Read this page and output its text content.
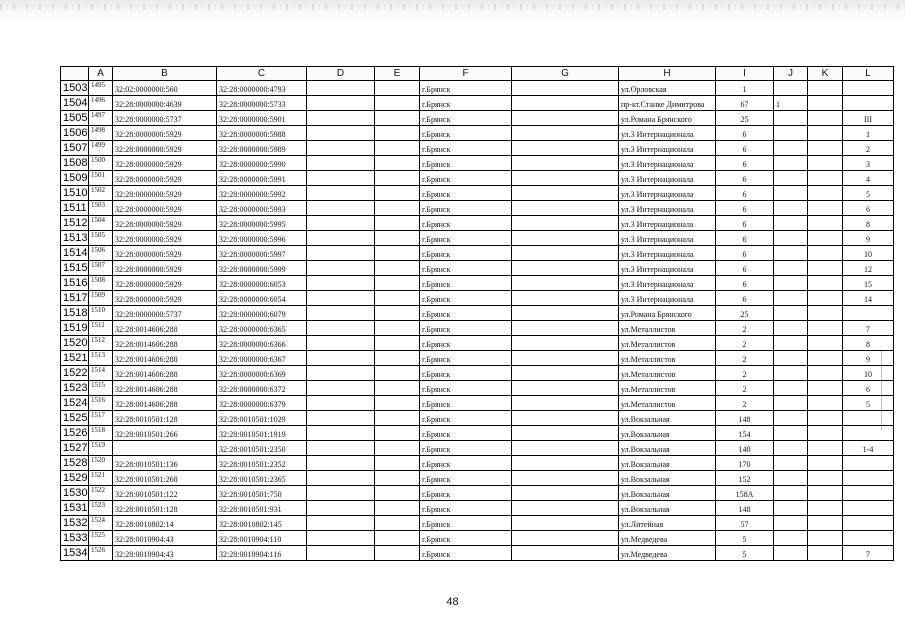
	A	B	C	D	E	F	G	H	I	J	K	L
1503	1495	32:02:0000000:560	32:28:0000000:4793			г.Брянск		ул.Орловская	1			
1504	1496	32:28:0000000:4639	32:28:0000000:5733			г.Брянск		пр-кт.Станке Димитрова	67	1		
1505	1497	32:28:0000000:5737	32:28:0000000:5901			г.Брянск		ул.Романа Брянского	25			III
1506	1498	32:28:0000000:5929	32:28:0000000:5988			г.Брянск		ул.3 Интернационала	6			1
1507	1499	32:28:0000000:5929	32:28:0000000:5989			г.Брянск		ул.3 Интернационала	6			2
1508	1500	32:28:0000000:5929	32:28:0000000:5990			г.Брянск		ул.3 Интернационала	6			3
1509	1501	32:28:0000000:5929	32:28:0000000:5991			г.Брянск		ул.3 Интернационала	6			4
1510	1502	32:28:0000000:5929	32:28:0000000:5992			г.Брянск		ул.3 Интернационала	6			5
1511	1503	32:28:0000000:5929	32:28:0000000:5993			г.Брянск		ул.3 Интернационала	6			6
1512	1504	32:28:0000000:5929	32:28:0000000:5995			г.Брянск		ул.3 Интернационала	6			8
1513	1505	32:28:0000000:5929	32:28:0000000:5996			г.Брянск		ул.3 Интернационала	6			9
1514	1506	32:28:0000000:5929	32:28:0000000:5997			г.Брянск		ул.3 Интернационала	6			10
1515	1507	32:28:0000000:5929	32:28:0000000:5999			г.Брянск		ул.3 Интернационала	6			12
1516	1508	32:28:0000000:5929	32:28:0000000:6053			г.Брянск		ул.3 Интернационала	6			15
1517	1509	32:28:0000000:5929	32:28:0000000:6054			г.Брянск		ул.3 Интернационала	6			14
1518	1510	32:28:0000000:5737	32:28:0000000:6079			г.Брянск		ул.Романа Брянского	25			
1519	1511	32:28:0014606:288	32:28:0000000:6365			г.Брянск		ул.Металлистов	2			7
1520	1512	32:28:0014606:288	32:28:0000000:6366			г.Брянск		ул.Металлистов	2			8
1521	1513	32:28:0014606:288	32:28:0000000:6367			г.Брянск		ул.Металлистов	2			9
1522	1514	32:28:0014606:288	32:28:0000000:6369			г.Брянск		ул.Металлистов	2			10
1523	1515	32:28:0014606:288	32:28:0000000:6372			г.Брянск		ул.Металлистов	2			6
1524	1516	32:28:0014606:288	32:28:0000000:6379			г.Брянск		ул.Металлистов	2			5
1525	1517	32:28:0010501:128	32:28:0010501:1029			г.Брянск		ул.Вокзальная	148			
1526	1518	32:28:0010501:266	32:28:0010501:1919			г.Брянск		ул.Вокзальная	154			
1527	1519		32:28:0010501:2350			г.Брянск		ул.Вокзальная	140			1-4
1528	1520	32:28:0010501:136	32:28:0010501:2352			г.Брянск		ул.Вокзальная	170			
1529	1521	32:28:0010501:268	32:28:0010501:2365			г.Брянск		ул.Вокзальная	152			
1530	1522	32:28:0010501:122	32:28:0010501:750			г.Брянск		ул.Вокзальная	158А			
1531	1523	32:28:0010501:128	32:28:0010501:931			г.Брянск		ул.Вокзальная	148			
1532	1524	32:28:0010802:14	32:28:0010802:145			г.Брянск		ул.Литейная	57			
1533	1525	32:28:0010904:43	32:28:0010904:110			г.Брянск		ул.Медведева	5			
1534	1526	32:28:0010904:43	32:28:0010904:116			г.Брянск		ул.Медведева	5			7
48
